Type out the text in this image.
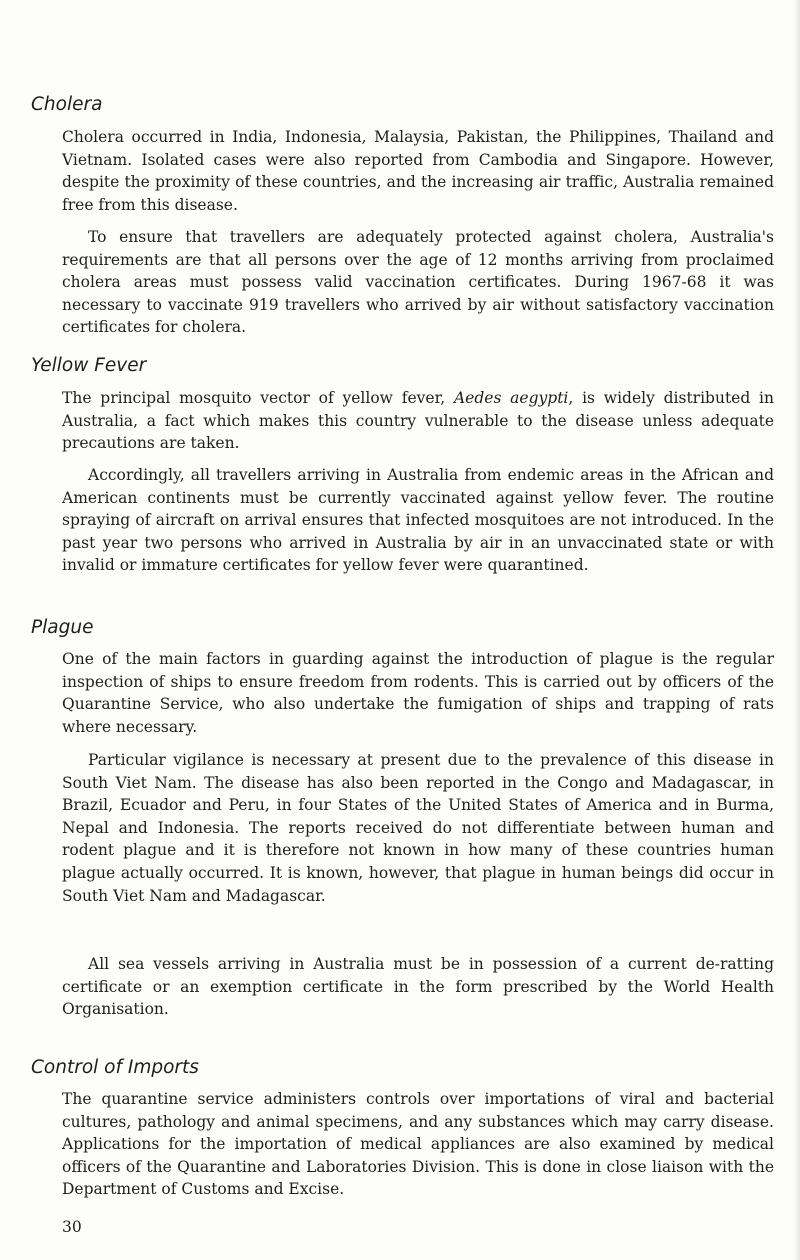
Cholera

Cholera occurred in India, Indonesia, Malaysia, Pakistan, the Philippines, Thailand and Vietnam. Isolated cases were also reported from Cambodia and Singapore. However, despite the proximity of these countries, and the increasing air traffic, Australia remained free from this disease.

To ensure that travellers are adequately protected against cholera, Australia's requirements are that all persons over the age of 12 months arriving from proclaimed cholera areas must possess valid vaccination certificates. During 1967-68 it was necessary to vaccinate 919 travellers who arrived by air without satisfactory vaccination certificates for cholera.

Yellow Fever

The principal mosquito vector of yellow fever, Aedes aegypti, is widely distributed in Australia, a fact which makes this country vulnerable to the disease unless adequate precautions are taken.

Accordingly, all travellers arriving in Australia from endemic areas in the African and American continents must be currently vaccinated against yellow fever. The routine spraying of aircraft on arrival ensures that infected mosquitoes are not introduced. In the past year two persons who arrived in Australia by air in an unvaccinated state or with invalid or immature certificates for yellow fever were quarantined.

Plague

One of the main factors in guarding against the introduction of plague is the regular inspection of ships to ensure freedom from rodents. This is carried out by officers of the Quarantine Service, who also undertake the fumigation of ships and trapping of rats where necessary.

Particular vigilance is necessary at present due to the prevalence of this disease in South Viet Nam. The disease has also been reported in the Congo and Madagascar, in Brazil, Ecuador and Peru, in four States of the United States of America and in Burma, Nepal and Indonesia. The reports received do not differentiate between human and rodent plague and it is therefore not known in how many of these countries human plague actually occurred. It is known, however, that plague in human beings did occur in South Viet Nam and Madagascar.

All sea vessels arriving in Australia must be in possession of a current de-ratting certificate or an exemption certificate in the form prescribed by the World Health Organisation.

Control of Imports

The quarantine service administers controls over importations of viral and bacterial cultures, pathology and animal specimens, and any substances which may carry disease. Applications for the importation of medical appliances are also examined by medical officers of the Quarantine and Laboratories Division. This is done in close liaison with the Department of Customs and Excise.

30
